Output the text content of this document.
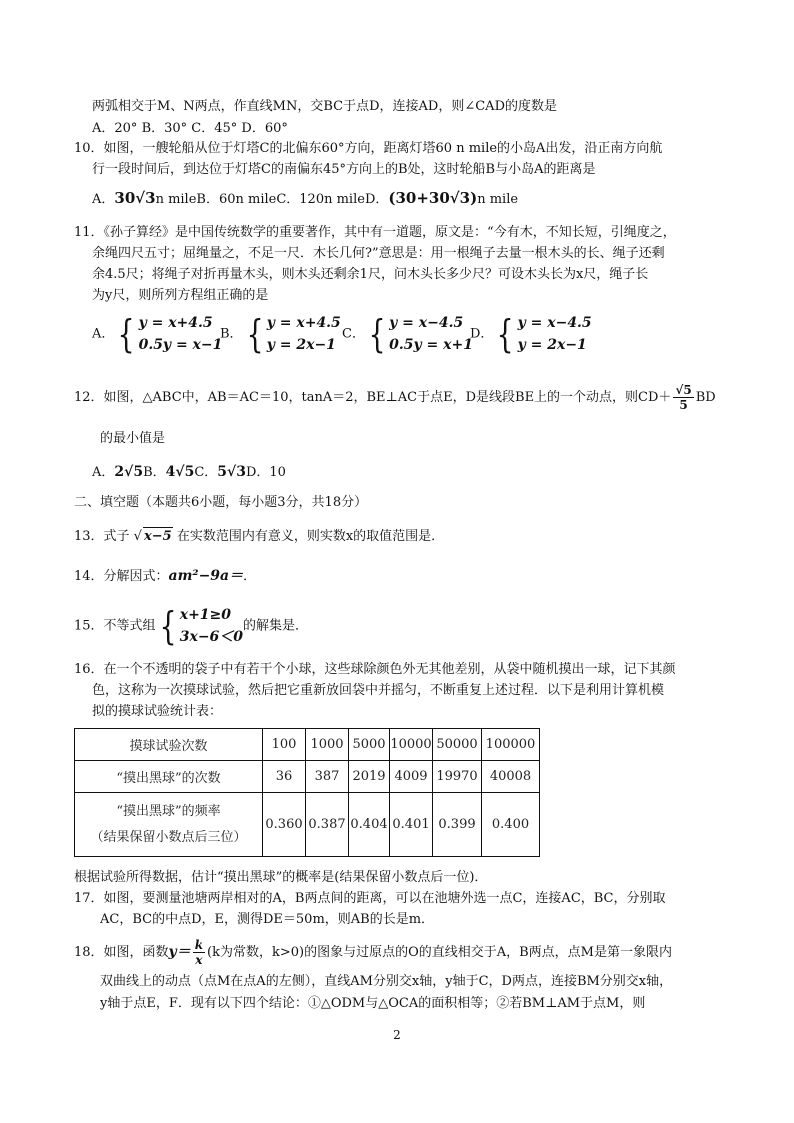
两弧相交于M、N两点，作直线MN，交BC于点D，连接AD，则∠CAD的度数是
A．20° B．30° C．45° D．60°
10．如图，一艘轮船从位于灯塔C的北偏东60°方向，距离灯塔60 n mile的小岛A出发，沿正南方向航
行一段时间后，到达位于灯塔C的南偏东45°方向上的B处，这时轮船B与小岛A的距离是
A．30√3n mileB．60n mileC．120n mileD．(30+30√3)n mile
11．《孙子算经》是中国传统数学的重要著作，其中有一道题，原文是：“今有木，不知长短，引绳度之，
余绳四尺五寸；屈绳量之，不足一尺．木长几何?”意思是：用一根绳子去量一根木头的长、绳子还剩
余4.5尺；将绳子对折再量木头，则木头还剩余1尺，问木头长多少尺？可设木头长为x尺，绳子长
为y尺，则所列方程组正确的是
A．{ y = x+4.5
0.5y = x−1
B．{ y = x+4.5
y = 2x−1
C．{ y = x−4.5
0.5y = x+1
D．{ y = x−4.5
y = 2x−1
12．如图，△ABC中，AB＝AC＝10，tanA＝2，BE⊥AC于点E，D是线段BE上的一个动点，则$CD+ \frac{√5}{5}$ BD
的最小值是
A．2√5B．4√5C．5√3D．10
二、填空题（本题共6小题，每小题3分，共18分）
13．式子 √ x−5 在实数范围内有意义，则实数x的取值范围是．
14．分解因式：am²−9a＝．
15．不等式组{ x+1≥0
3x−6＜0
的解集是．
16．在一个不透明的袋子中有若干个小球，这些球除颜色外无其他差别，从袋中随机摸出一球，记下其颜
色，这称为一次摸球试验，然后把它重新放回袋中并摇匀，不断重复上述过程．以下是利用计算机模
拟的摸球试验统计表：
摸球试验次数	100	1000	5000	10000	50000	100000
“摸出黑球”的次数	36	387	2019	4009	19970	40008

“摸出黑球”的频率
（结果保留小数点后三位）	0.360	0.387	0.404	0.401	0.399	0.400
根据试验所得数据，估计“摸出黑球”的概率是(结果保留小数点后一位)．
17．如图，要测量池塘两岸相对的A，B两点间的距离，可以在池塘外选一点C，连接AC，BC，分别取
AC，BC的中点D，E，测得DE＝50m，则AB的长是m．
18．如图，函数$y= \frac{k}{x} (k$为常数，k>0)的图象与过原点的O的直线相交于A，B两点，点M是第一象限内
双曲线上的动点（点M在点A的左侧），直线AM分别交x轴，y轴于C，D两点，连接BM分别交x轴，
y轴于点E，F．现有以下四个结论：①△ODM与△OCA的面积相等；②若BM⊥AM于点M，则
2
